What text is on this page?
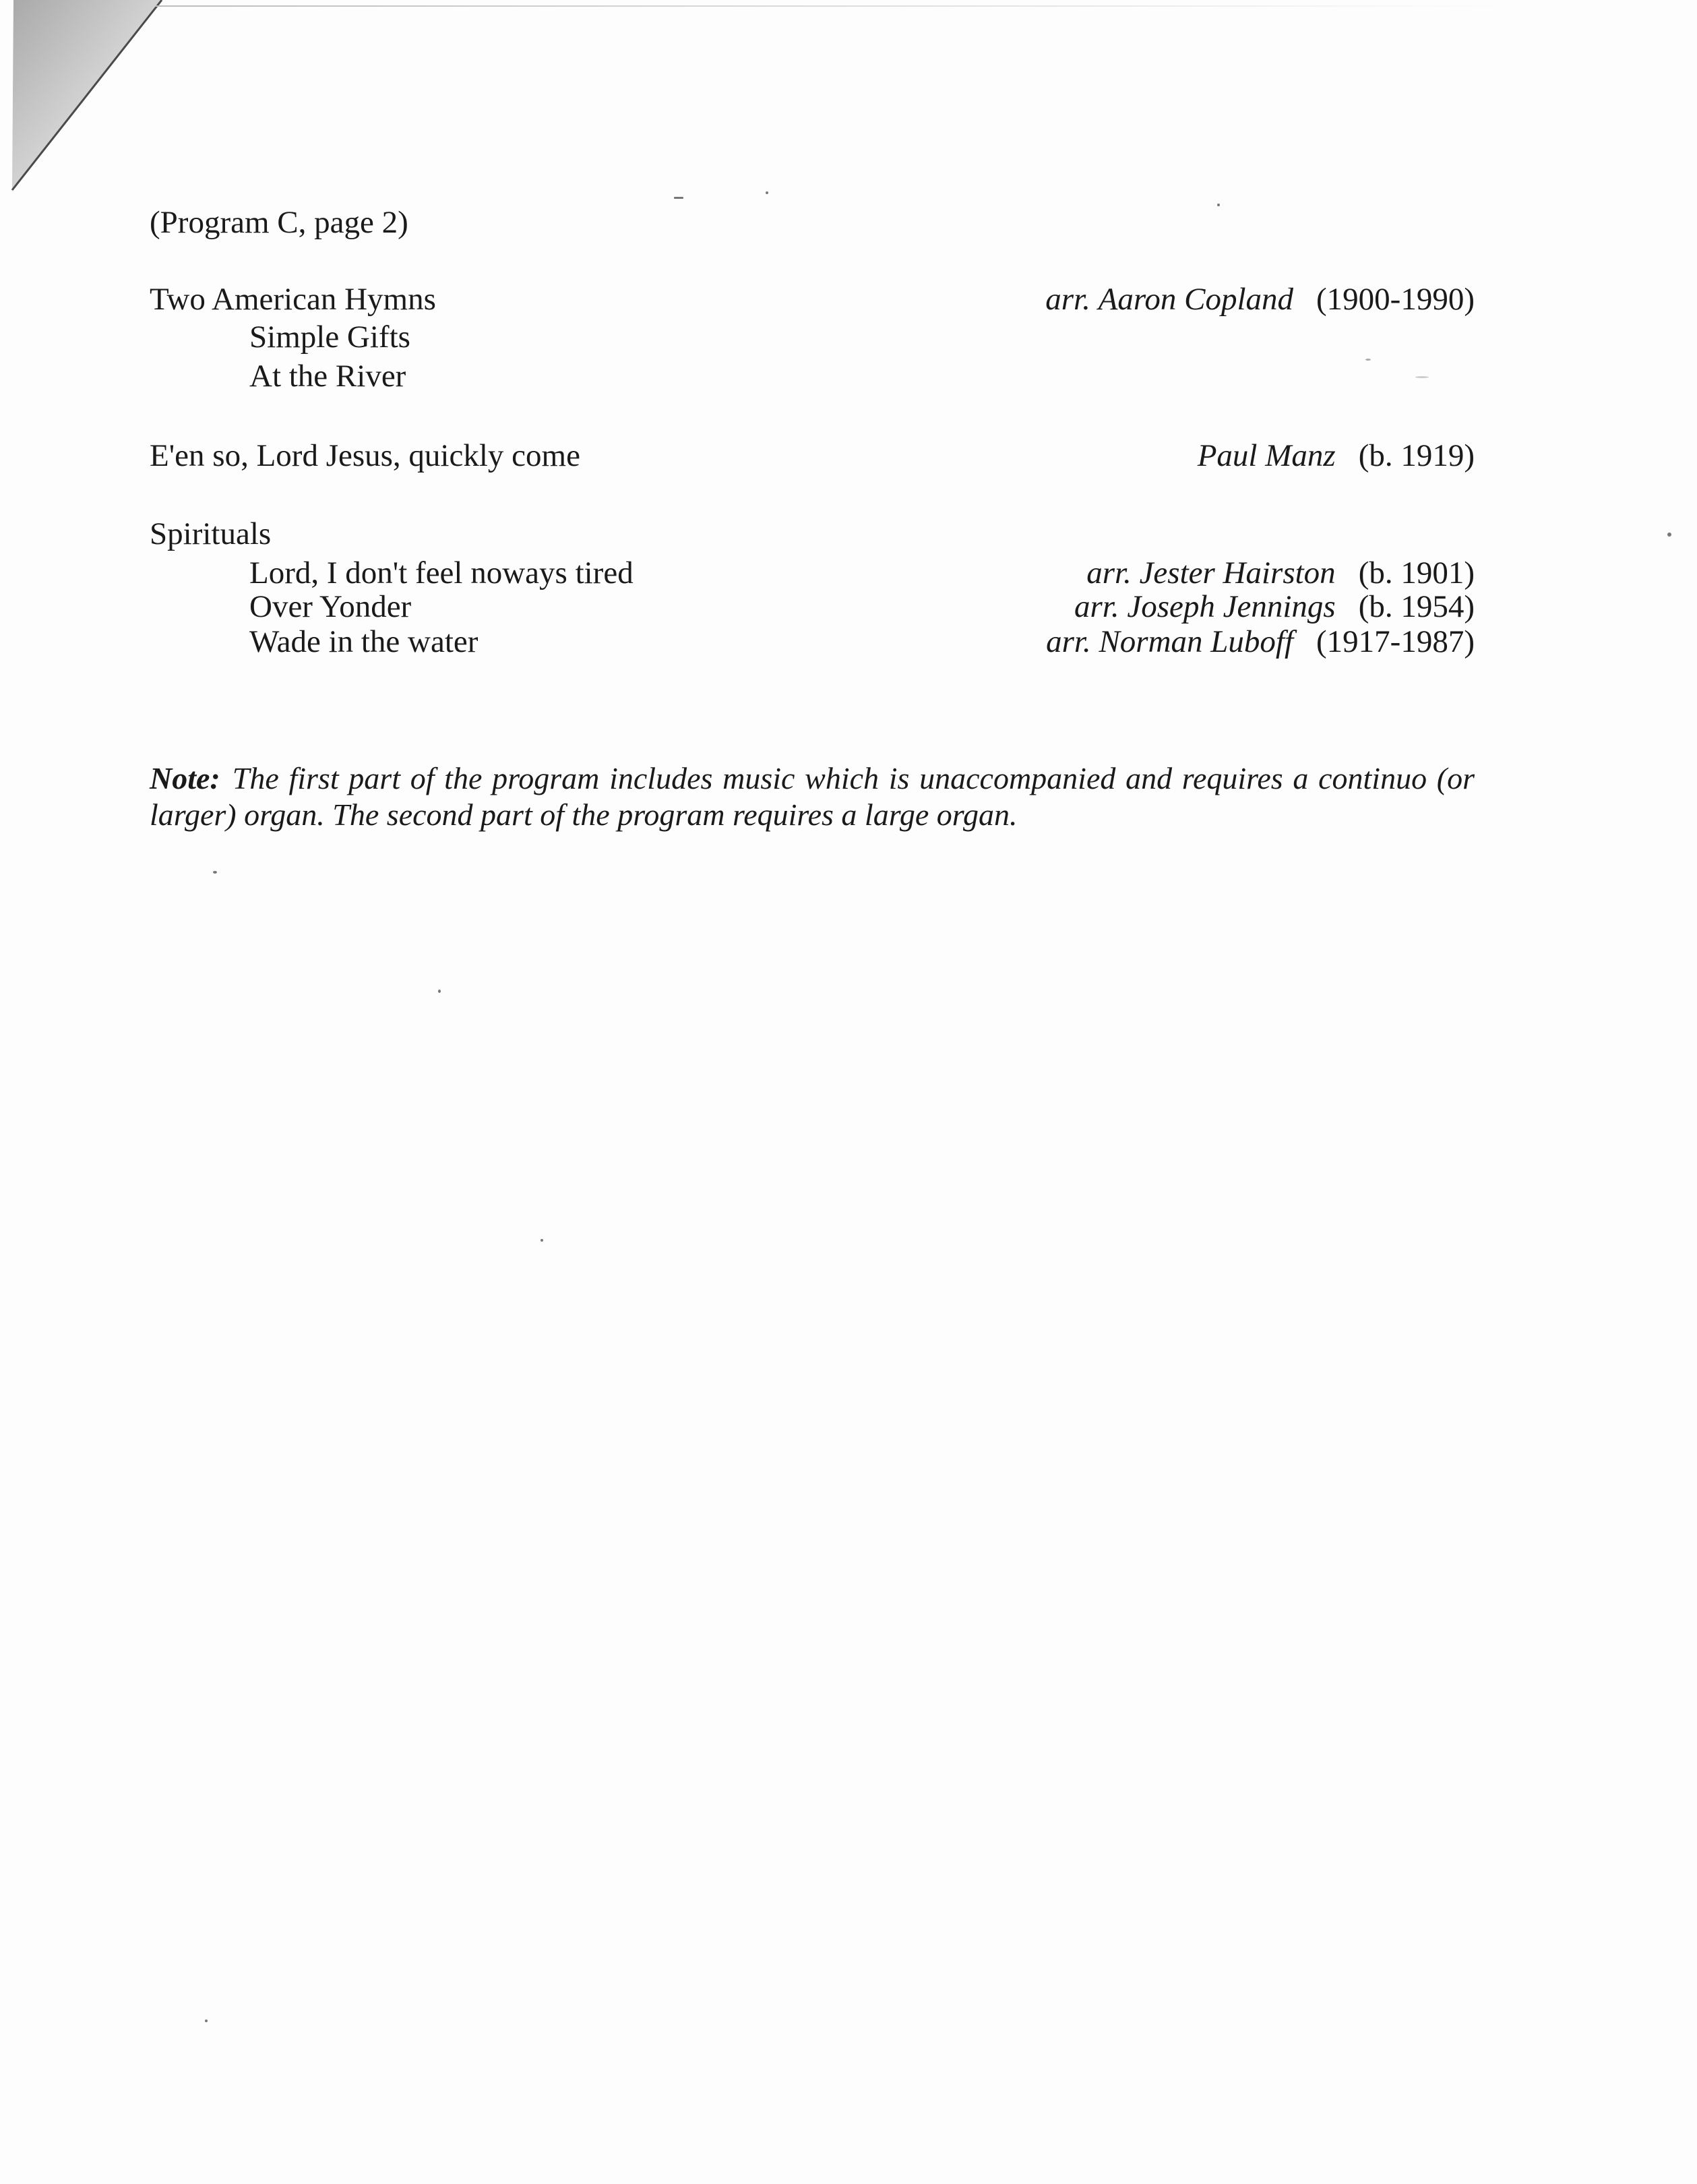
(Program C, page 2)
Two American Hymns	arr. Aaron Copland (1900-1990)
Simple Gifts
At the River
E'en so, Lord Jesus, quickly come	Paul Manz (b. 1919)
Spirituals
Lord, I don't feel noways tired	arr. Jester Hairston (b. 1901)
Over Yonder	arr. Joseph Jennings (b. 1954)
Wade in the water	arr. Norman Luboff (1917-1987)
Note: The first part of the program includes music which is unaccompanied and requires a continuo (or larger) organ. The second part of the program requires a large organ.
